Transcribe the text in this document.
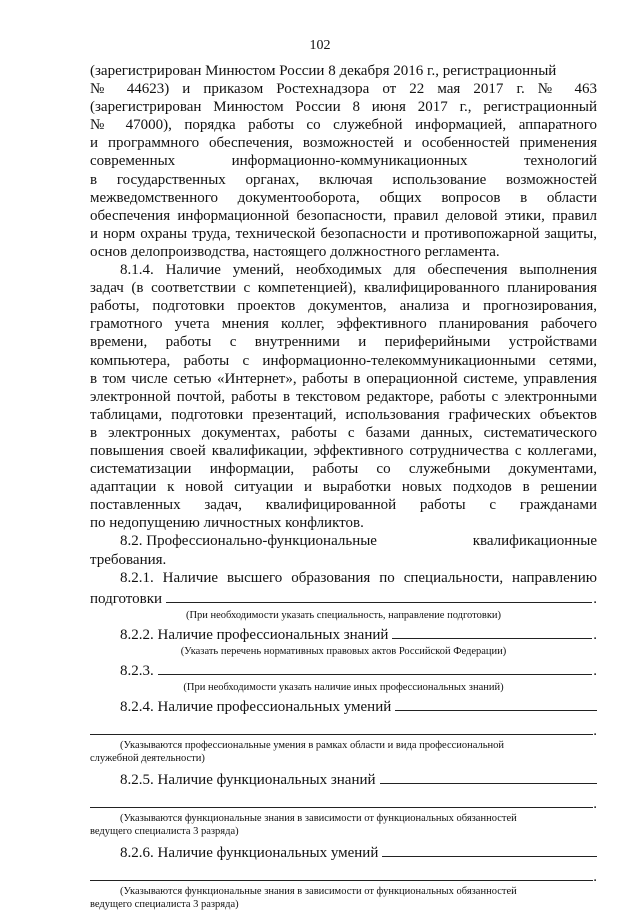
102
(зарегистрирован Минюстом России 8 декабря 2016 г., регистрационный
№ 44623) и приказом Ростехнадзора от 22 мая 2017 г. № 463
(зарегистрирован Минюстом России 8 июня 2017 г., регистрационный
№ 47000), порядка работы со служебной информацией, аппаратного
и программного обеспечения, возможностей и особенностей применения
современных информационно-коммуникационных технологий
в государственных органах, включая использование возможностей
межведомственного документооборота, общих вопросов в области
обеспечения информационной безопасности, правил деловой этики, правил
и норм охраны труда, технической безопасности и противопожарной защиты,
основ делопроизводства, настоящего должностного регламента.
8.1.4. Наличие умений, необходимых для обеспечения выполнения
задач (в соответствии с компетенцией), квалифицированного планирования
работы, подготовки проектов документов, анализа и прогнозирования,
грамотного учета мнения коллег, эффективного планирования рабочего
времени, работы с внутренними и периферийными устройствами
компьютера, работы с информационно-телекоммуникационными сетями,
в том числе сетью «Интернет», работы в операционной системе, управления
электронной почтой, работы в текстовом редакторе, работы с электронными
таблицами, подготовки презентаций, использования графических объектов
в электронных документах, работы с базами данных, систематического
повышения своей квалификации, эффективного сотрудничества с коллегами,
систематизации информации, работы со служебными документами,
адаптации к новой ситуации и выработки новых подходов в решении
поставленных задач, квалифицированной работы с гражданами
по недопущению личностных конфликтов.
8.2. Профессионально-функциональные	квалификационные
требования.
8.2.1. Наличие высшего образования по специальности, направлению
подготовки	.
(При необходимости указать специальность, направление подготовки)
8.2.2. Наличие профессиональных знаний	.
(Указать перечень нормативных правовых актов Российской Федерации)
8.2.3.	.
(При необходимости указать наличие иных профессиональных знаний)
8.2.4. Наличие профессиональных умений
.
(Указываются профессиональные умения в рамках области и вида профессиональной
служебной деятельности)
8.2.5. Наличие функциональных знаний
.
(Указываются функциональные знания в зависимости от функциональных обязанностей
ведущего специалиста 3 разряда)
8.2.6. Наличие функциональных умений
.
(Указываются функциональные знания в зависимости от функциональных обязанностей
ведущего специалиста 3 разряда)
